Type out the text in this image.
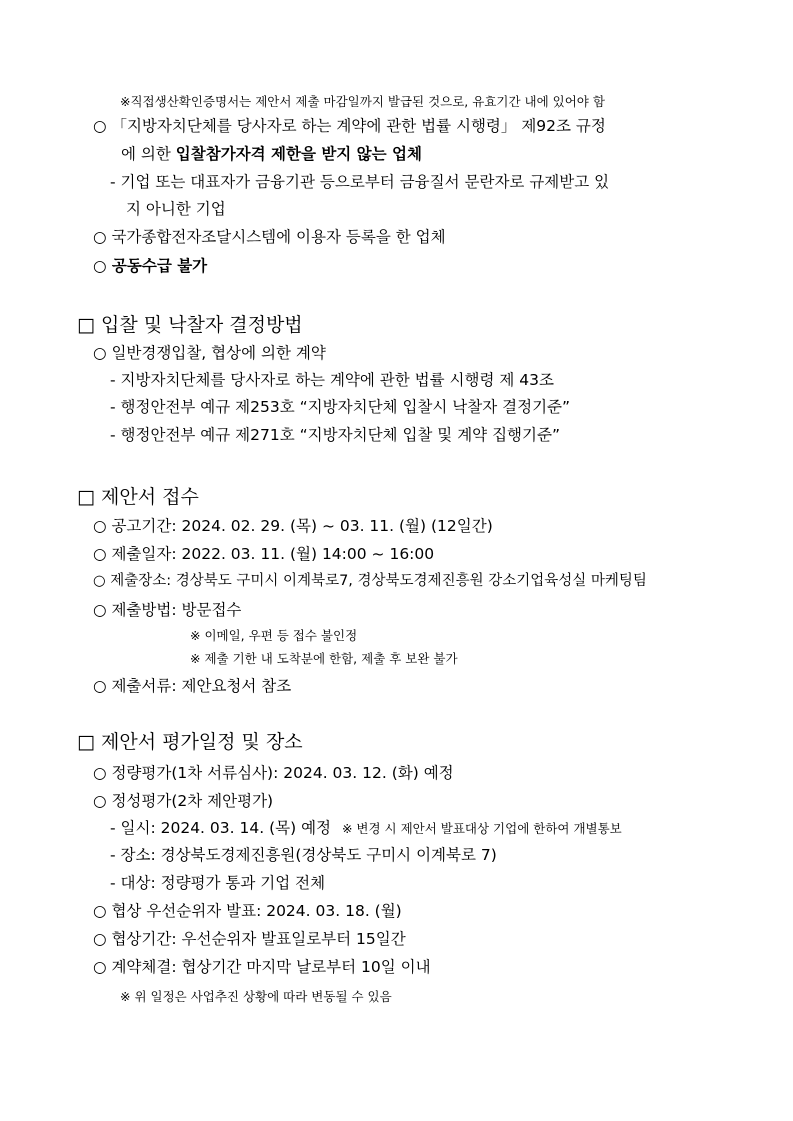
※직접생산확인증명서는 제안서 제출 마감일까지 발급된 것으로, 유효기간 내에 있어야 함
○ 「지방자치단체를 당사자로 하는 계약에 관한 법률 시행령」 제92조 규정
에 의한 입찰참가자격 제한을 받지 않는 업체
- 기업 또는 대표자가 금융기관 등으로부터 금융질서 문란자로 규제받고 있
지 아니한 기업
○ 국가종합전자조달시스템에 이용자 등록을 한 업체
○ 공동수급 불가
□ 입찰 및 낙찰자 결정방법
○ 일반경쟁입찰, 협상에 의한 계약
- 지방자치단체를 당사자로 하는 계약에 관한 법률 시행령 제 43조
- 행정안전부 예규 제253호 “지방자치단체 입찰시 낙찰자 결정기준”
- 행정안전부 예규 제271호 “지방자치단체 입찰 및 계약 집행기준”
□ 제안서 접수
○ 공고기간: 2024. 02. 29. (목) ~ 03. 11. (월) (12일간)
○ 제출일자: 2022. 03. 11. (월) 14:00 ~ 16:00
○ 제출장소: 경상북도 구미시 이계북로7, 경상북도경제진흥원 강소기업육성실 마케팅팀
○ 제출방법: 방문접수
※ 이메일, 우편 등 접수 불인정
※ 제출 기한 내 도착분에 한함, 제출 후 보완 불가
○ 제출서류: 제안요청서 참조
□ 제안서 평가일정 및 장소
○ 정량평가(1차 서류심사): 2024. 03. 12. (화) 예정
○ 정성평가(2차 제안평가)
- 일시: 2024. 03. 14. (목) 예정 ※ 변경 시 제안서 발표대상 기업에 한하여 개별통보
- 장소: 경상북도경제진흥원(경상북도 구미시 이계북로 7)
- 대상: 정량평가 통과 기업 전체
○ 협상 우선순위자 발표: 2024. 03. 18. (월)
○ 협상기간: 우선순위자 발표일로부터 15일간
○ 계약체결: 협상기간 마지막 날로부터 10일 이내
※ 위 일정은 사업추진 상황에 따라 변동될 수 있음
